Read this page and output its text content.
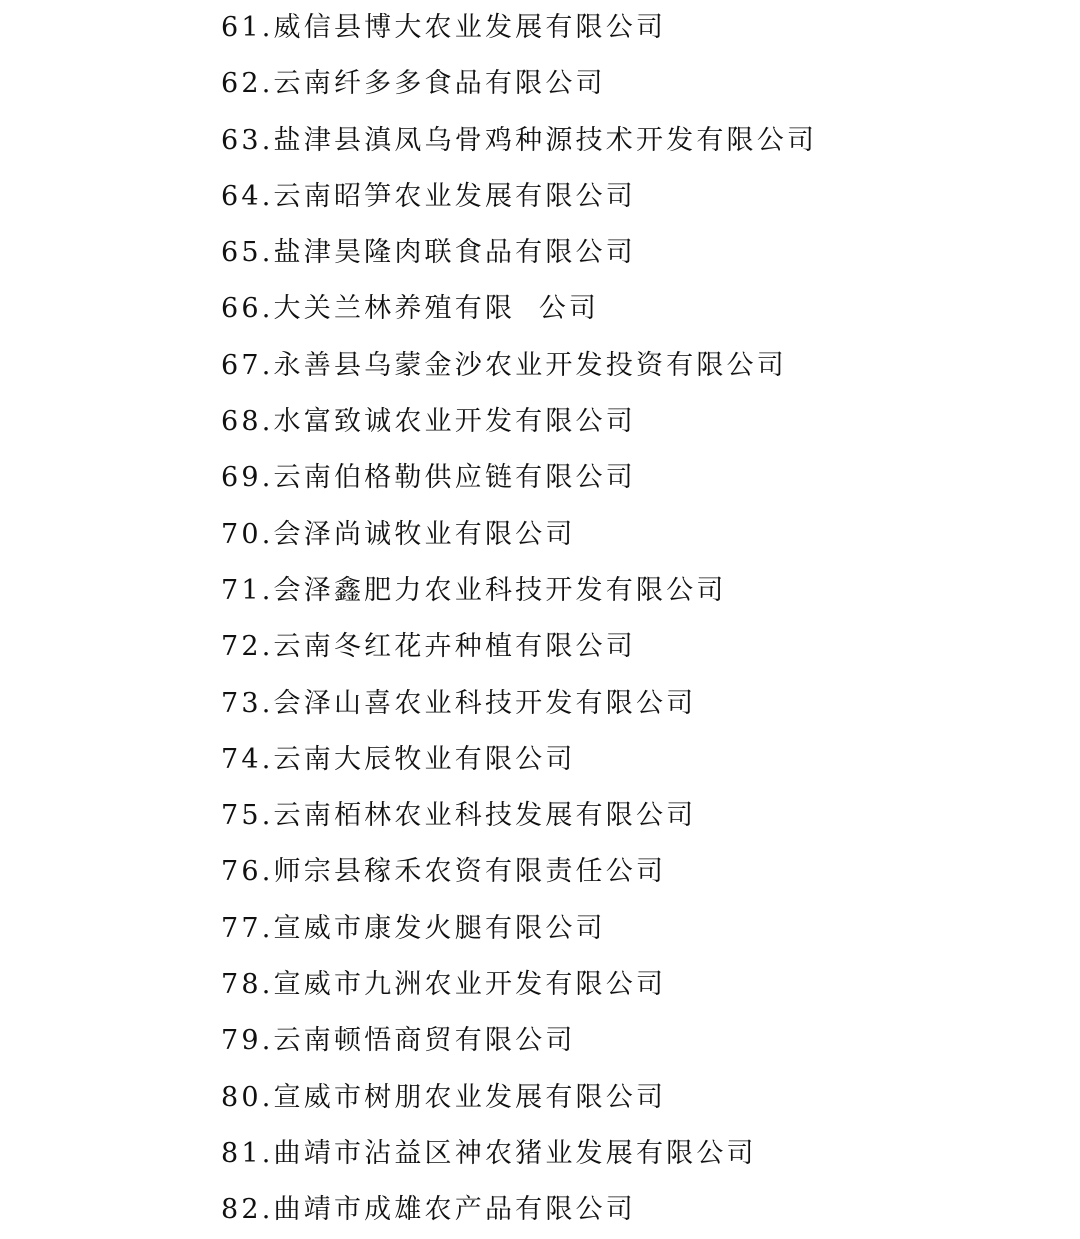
61.威信县博大农业发展有限公司
62.云南纤多多食品有限公司
63.盐津县滇凤乌骨鸡种源技术开发有限公司
64.云南昭笋农业发展有限公司
65.盐津昊隆肉联食品有限公司
66.大关兰林养殖有限  公司
67.永善县乌蒙金沙农业开发投资有限公司
68.水富致诚农业开发有限公司
69.云南伯格勒供应链有限公司
70.会泽尚诚牧业有限公司
71.会泽鑫肥力农业科技开发有限公司
72.云南冬红花卉种植有限公司
73.会泽山喜农业科技开发有限公司
74.云南大辰牧业有限公司
75.云南栢林农业科技发展有限公司
76.师宗县稼禾农资有限责任公司
77.宣威市康发火腿有限公司
78.宣威市九洲农业开发有限公司
79.云南顿悟商贸有限公司
80.宣威市树朋农业发展有限公司
81.曲靖市沾益区神农猪业发展有限公司
82.曲靖市成雄农产品有限公司
